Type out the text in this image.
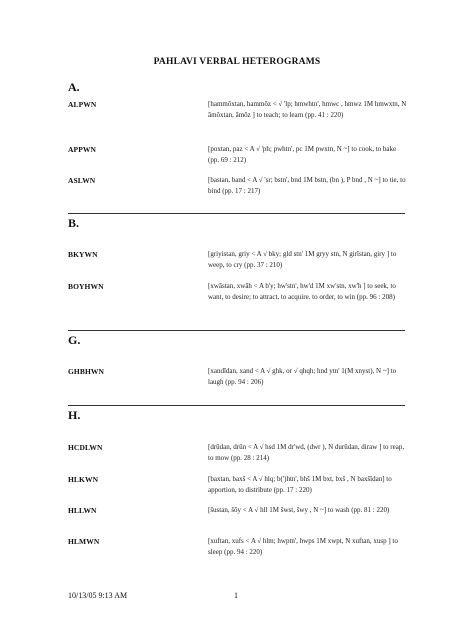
PAHLAVI VERBAL HETEROGRAMS
A.
ALPWN	[hammōxtan, hammōz < √ 'lp; hmwhtn', hmwc , hmwz 1M hmwxtn, N āmōxtan, āmōz ] to teach; to learn (pp. 41 : 220)
APPWN	[poxtan, paz < A √ 'ph; pwhtn', pc 1M pwxtn, N ~] to cook, to bake (pp. 69 : 212)
ASLWN	[bastan, band < A √ 'sr; bstn', bnd 1M bstn, (bn ), P bnd , N ~] to tie, to bind (pp. 17 : 217)
B.
BKYWN	[griyistan, griy < A √ bky; gld stn' 1M gryy stn, N girīstan, giry ] to weep, to cry (pp. 37 : 210)
BOYHWN	[xwāstan, xwāh < A b'y; hw'stn', hw'd 1M xw'stn, xw'h ] to seek, to want, to desire; to attract, to acquire. to order, to win (pp. 96 : 208)
G.
GHBHWN	[xandīdan, xand < A √ ghk, or √ qhqh; hnd ytn' 1(M xnyst), N ~] to laugh (pp. 94 : 206)
H.
HCDLWN	[drūdan, drūn < A √ hsd 1M dr'wd, (dwr ), N durūdan, diraw ] to reap, to mow (pp. 28 : 214)
HLKWN	[baxtan, baxš < A √ hlq; b(')htn', bhš 1M bxt, bxš , N baxšīdan] to apportion, to distribute (pp. 17 : 220)
HLLWN	[šustan, šōy < A √ hll 1M šwst, šwy , N ~] to wash (pp. 81 : 220)
HLMWN	[xuftan, xufs < A √ hlm; hwptn', hwps 1M xwpt, N xuftan, xusp ] to sleep (pp. 94 : 220)
10/13/05 9:13 AM	1
